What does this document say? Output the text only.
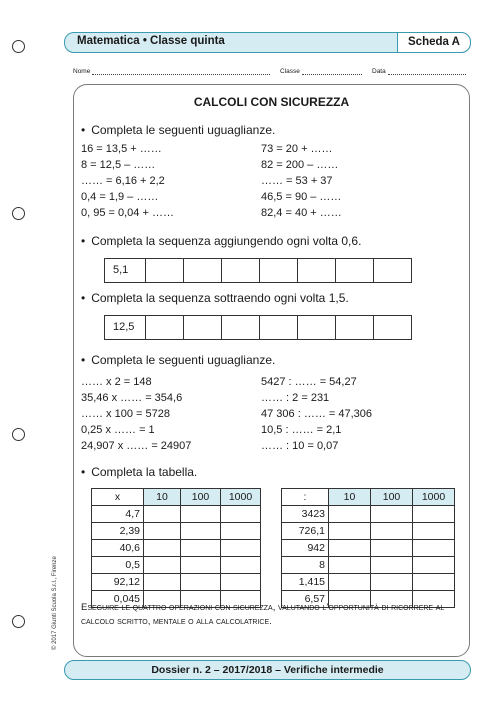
Matematica • Classe quinta	Scheda A
Nome	Classe	Data
CALCOLI CON SICUREZZA
• Completa le seguenti uguaglianze.
16 = 13,5 + ……
8 = 12,5 – ……
…… = 6,16 + 2,2
0,4 = 1,9 – ……
0, 95 = 0,04 + ……
73 = 20 + ……
82 = 200 – ……
…… = 53 + 37
46,5 = 90 – ……
82,4 = 40 + ……
• Completa la sequenza aggiungendo ogni volta 0,6.
5,1
• Completa la sequenza sottraendo ogni volta 1,5.
12,5
• Completa le seguenti uguaglianze.
…… x 2 = 148
35,46 x …… = 354,6
…… x 100 = 5728
0,25 x …… = 1
24,907 x …… = 24907
5427 : …… = 54,27
…… : 2 = 231
47 306 : …… = 47,306
10,5 : …… = 2,1
…… : 10 = 0,07
• Completa la tabella.
x	10	100	1000
4,7			
2,39			
40,6			
0,5			
92,12			
0,045			
:	10	100	1000
3423			
726,1			
942			
8			
1,415			
6,57			
Eseguire le quattro operazioni con sicurezza, valutando l’opportunità di ricorrere al calcolo scritto, mentale o alla calcolatrice.
© 2017 Giunti Scuola S.r.l., Firenze
Dossier n. 2 – 2017/2018 – Verifiche intermedie
